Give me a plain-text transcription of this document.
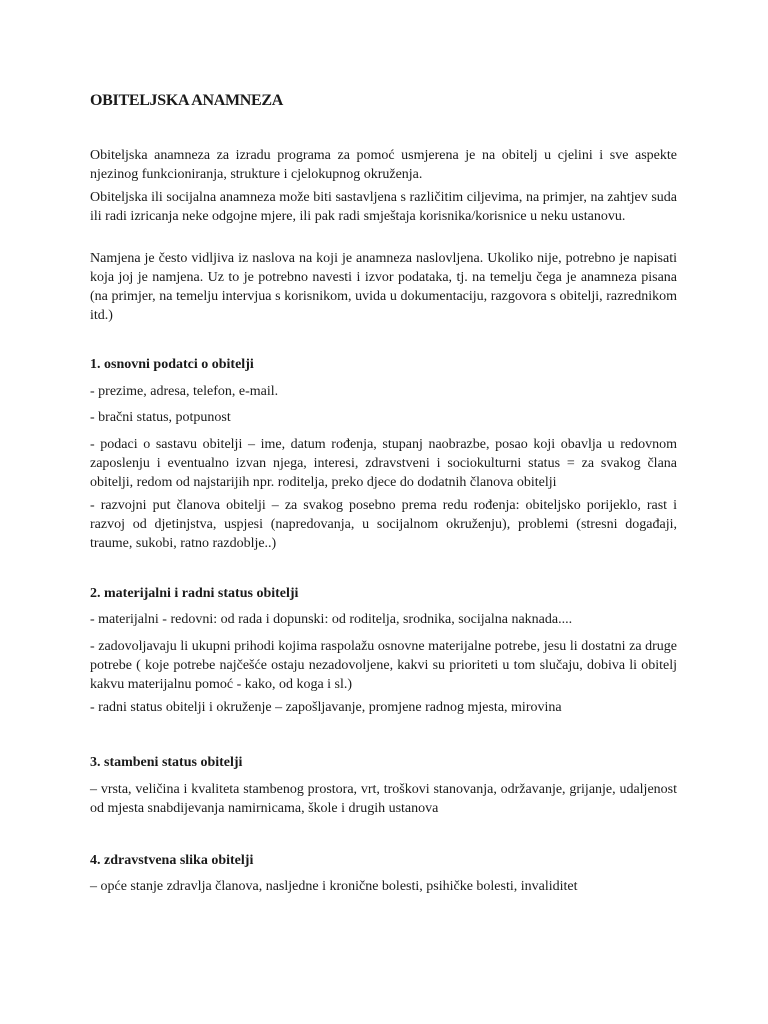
OBITELJSKA ANAMNEZA

Obiteljska anamneza za izradu programa za pomoć usmjerena je na obitelj u cjelini i sve aspekte njezinog funkcioniranja, strukture i cjelokupnog okruženja.

Obiteljska ili socijalna anamneza može biti sastavljena s različitim ciljevima, na primjer, na zahtjev suda ili radi izricanja neke odgojne mjere, ili pak radi smještaja korisnika/korisnice u neku ustanovu.

Namjena je često vidljiva iz naslova na koji je anamneza naslovljena. Ukoliko nije, potrebno je napisati koja joj je namjena. Uz to je potrebno navesti i izvor podataka, tj. na temelju čega je anamneza pisana (na primjer, na temelju intervjua s korisnikom, uvida u dokumentaciju, razgovora s obitelji, razrednikom itd.)

1. osnovni podatci o obitelji

- prezime, adresa, telefon, e-mail.

- bračni status, potpunost

- podaci o sastavu obitelji – ime, datum rođenja, stupanj naobrazbe, posao koji obavlja u redovnom zaposlenju i eventualno izvan njega, interesi, zdravstveni i sociokulturni status = za svakog člana obitelji, redom od najstarijih npr. roditelja, preko djece do dodatnih članova obitelji

- razvojni put članova obitelji – za svakog posebno prema redu rođenja: obiteljsko porijeklo, rast i razvoj od djetinjstva, uspjesi (napredovanja, u socijalnom okruženju), problemi (stresni događaji, traume, sukobi, ratno razdoblje..)

2. materijalni i radni status obitelji

- materijalni - redovni: od rada i dopunski: od roditelja, srodnika, socijalna naknada....

- zadovoljavaju li ukupni prihodi kojima raspolažu osnovne materijalne potrebe, jesu li dostatni za druge potrebe ( koje potrebe najčešće ostaju nezadovoljene, kakvi su prioriteti u tom slučaju, dobiva li obitelj kakvu materijalnu pomoć - kako, od koga i sl.)

- radni status obitelji i okruženje – zapošljavanje, promjene radnog mjesta, mirovina

3. stambeni status obitelji

– vrsta, veličina i kvaliteta stambenog prostora, vrt, troškovi stanovanja, održavanje, grijanje, udaljenost od mjesta snabdijevanja namirnicama, škole i drugih ustanova

4. zdravstvena slika obitelji

– opće stanje zdravlja članova, nasljedne i kronične bolesti, psihičke bolesti, invaliditet
